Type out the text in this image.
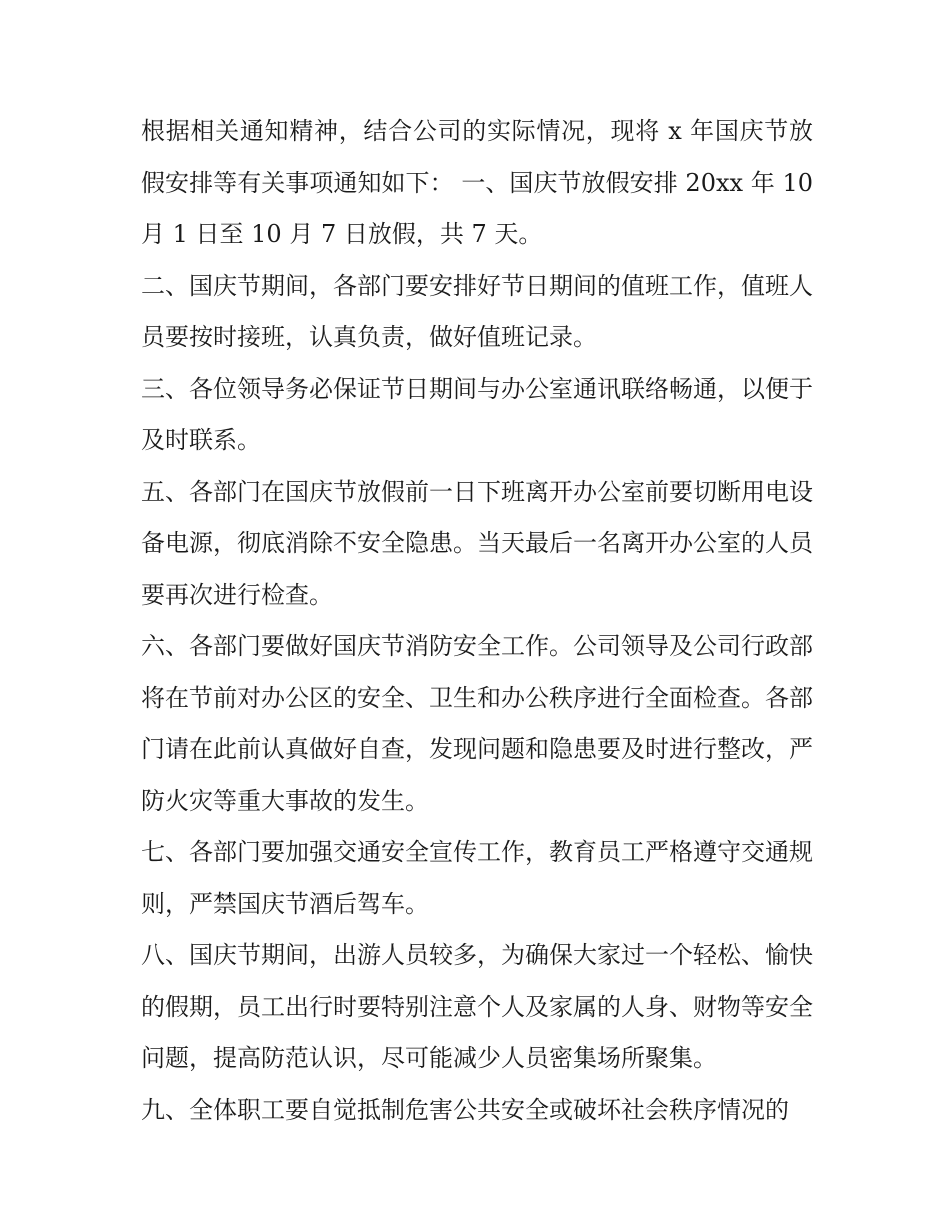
根据相关通知精神，结合公司的实际情况，现将 x 年国庆节放假安排等有关事项通知如下： 一、国庆节放假安排 20xx 年 10 月 1 日至 10 月 7 日放假，共 7 天。

二、国庆节期间，各部门要安排好节日期间的值班工作，值班人员要按时接班，认真负责，做好值班记录。

三、各位领导务必保证节日期间与办公室通讯联络畅通，以便于及时联系。

五、各部门在国庆节放假前一日下班离开办公室前要切断用电设备电源，彻底消除不安全隐患。当天最后一名离开办公室的人员要再次进行检查。

六、各部门要做好国庆节消防安全工作。公司领导及公司行政部将在节前对办公区的安全、卫生和办公秩序进行全面检查。各部门请在此前认真做好自查，发现问题和隐患要及时进行整改，严防火灾等重大事故的发生。

七、各部门要加强交通安全宣传工作，教育员工严格遵守交通规则，严禁国庆节酒后驾车。

八、国庆节期间，出游人员较多，为确保大家过一个轻松、愉快的假期，员工出行时要特别注意个人及家属的人身、财物等安全问题，提高防范认识，尽可能减少人员密集场所聚集。

九、全体职工要自觉抵制危害公共安全或破坏社会秩序情况的
